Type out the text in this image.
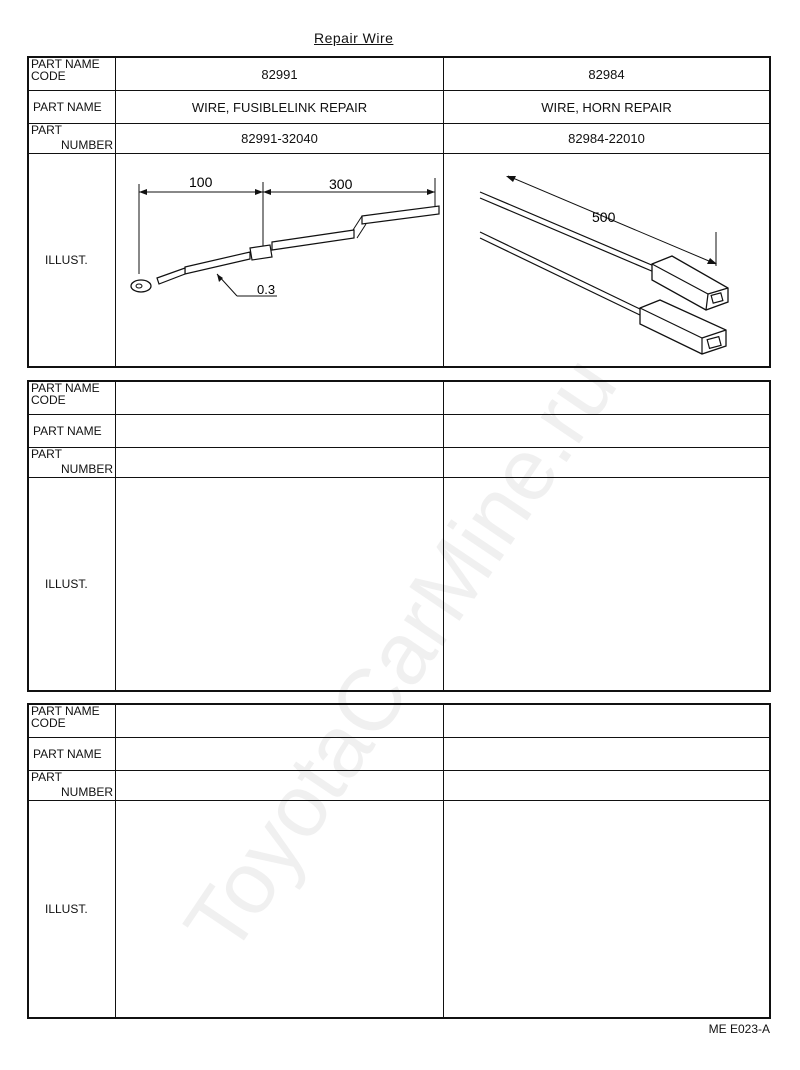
Repair Wire
PART NAME
CODE	82991	82984
PART NAME	WIRE, FUSIBLELINK REPAIR	WIRE, HORN REPAIR
PART
NUMBER	82991-32040	82984-22010
ILLUST.
100	300
0.3
500
PART NAME
CODE
PART NAME
PART
NUMBER
ILLUST.
PART NAME
CODE
PART NAME
PART
NUMBER
ILLUST. ToyotaCarMine.ru
ME E023-A
